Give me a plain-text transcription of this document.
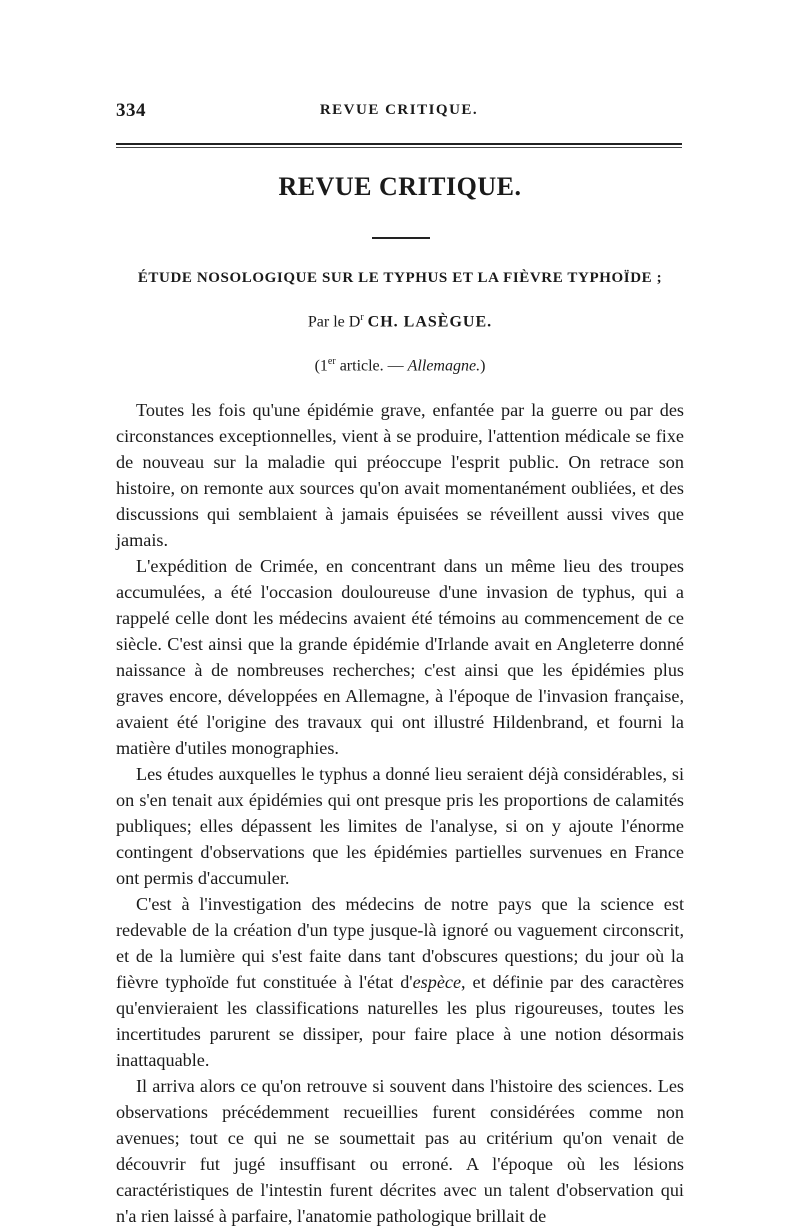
334	REVUE CRITIQUE.
REVUE CRITIQUE.
ÉTUDE NOSOLOGIQUE SUR LE TYPHUS ET LA FIÈVRE TYPHOÏDE ;
Par le $D^r$ CH. LASÈGUE.
(1er article. — Allemagne.)

Toutes les fois qu'une épidémie grave, enfantée par la guerre ou par des circonstances exceptionnelles, vient à se produire, l'attention médicale se fixe de nouveau sur la maladie qui préoccupe l'esprit public. On retrace son histoire, on remonte aux sources qu'on avait momentanément oubliées, et des discussions qui semblaient à jamais épuisées se réveillent aussi vives que jamais.

L'expédition de Crimée, en concentrant dans un même lieu des troupes accumulées, a été l'occasion douloureuse d'une invasion de typhus, qui a rappelé celle dont les médecins avaient été témoins au commencement de ce siècle. C'est ainsi que la grande épidémie d'Irlande avait en Angleterre donné naissance à de nombreuses recherches; c'est ainsi que les épidémies plus graves encore, développées en Allemagne, à l'époque de l'invasion française, avaient été l'origine des travaux qui ont illustré Hildenbrand, et fourni la matière d'utiles monographies.

Les études auxquelles le typhus a donné lieu seraient déjà considérables, si on s'en tenait aux épidémies qui ont presque pris les proportions de calamités publiques; elles dépassent les limites de l'analyse, si on y ajoute l'énorme contingent d'observations que les épidémies partielles survenues en France ont permis d'accumuler.

C'est à l'investigation des médecins de notre pays que la science est redevable de la création d'un type jusque-là ignoré ou vaguement circonscrit, et de la lumière qui s'est faite dans tant d'obscures questions; du jour où la fièvre typhoïde fut constituée à l'état d'espèce, et définie par des caractères qu'envieraient les classifications naturelles les plus rigoureuses, toutes les incertitudes parurent se dissiper, pour faire place à une notion désormais inattaquable.

Il arriva alors ce qu'on retrouve si souvent dans l'histoire des sciences. Les observations précédemment recueillies furent considérées comme non avenues; tout ce qui ne se soumettait pas au critérium qu'on venait de découvrir fut jugé insuffisant ou erroné. A l'époque où les lésions caractéristiques de l'intestin furent décrites avec un talent d'observation qui n'a rien laissé à parfaire, l'anatomie pathologique brillait de
